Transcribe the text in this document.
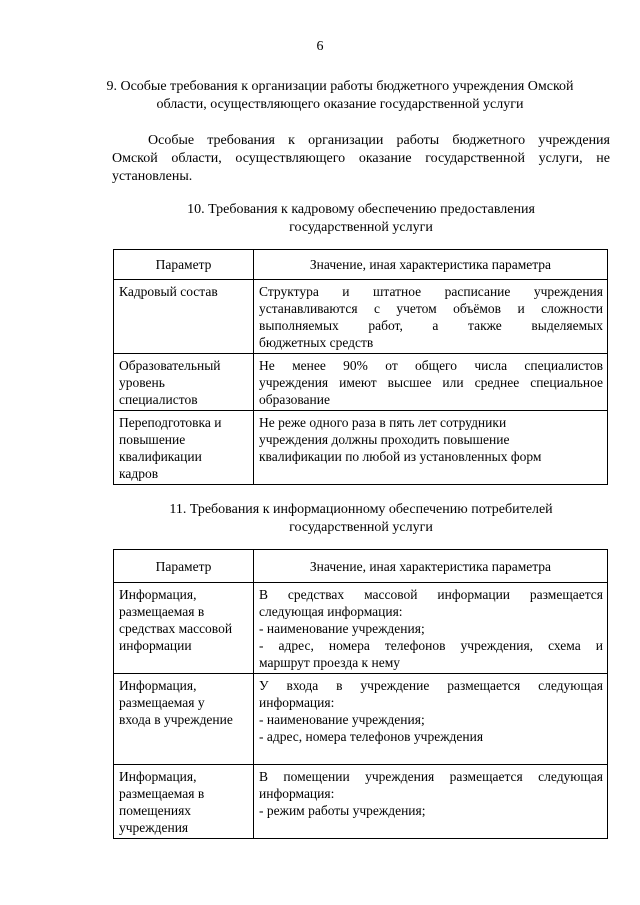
6
9. Особые требования к организации работы бюджетного учреждения Омской
области, осуществляющего оказание государственной услуги
Особые требования к организации работы бюджетного учреждения
Омской области, осуществляющего оказание государственной услуги, не
установлены.
10. Требования к кадровому обеспечению предоставления
государственной услуги
Параметр	Значение, иная характеристика параметра

Кадровый состав	Структура и штатное расписание учреждения
устанавливаются с учетом объёмов и сложности
выполняемых работ, а также выделяемых
бюджетных средств

Образовательный
уровень
специалистов	Не менее 90% от общего числа специалистов
учреждения имеют высшее или среднее специальное
образование

Переподготовка и
повышение
квалификации
кадров	Не реже одного раза в пять лет сотрудники
учреждения должны проходить повышение
квалификации по любой из установленных форм
11. Требования к информационному обеспечению потребителей
государственной услуги
Параметр	Значение, иная характеристика параметра

Информация,
размещаемая в
средствах массовой
информации	В средствах массовой информации размещается
следующая информация:
- наименование учреждения;
- адрес, номера телефонов учреждения, схема и
маршрут проезда к нему

Информация,
размещаемая у
входа в учреждение	У входа в учреждение размещается следующая
информация:
- наименование учреждения;
- адрес, номера телефонов учреждения

Информация,
размещаемая в
помещениях
учреждения	В помещении учреждения размещается следующая
информация:
- режим работы учреждения;
